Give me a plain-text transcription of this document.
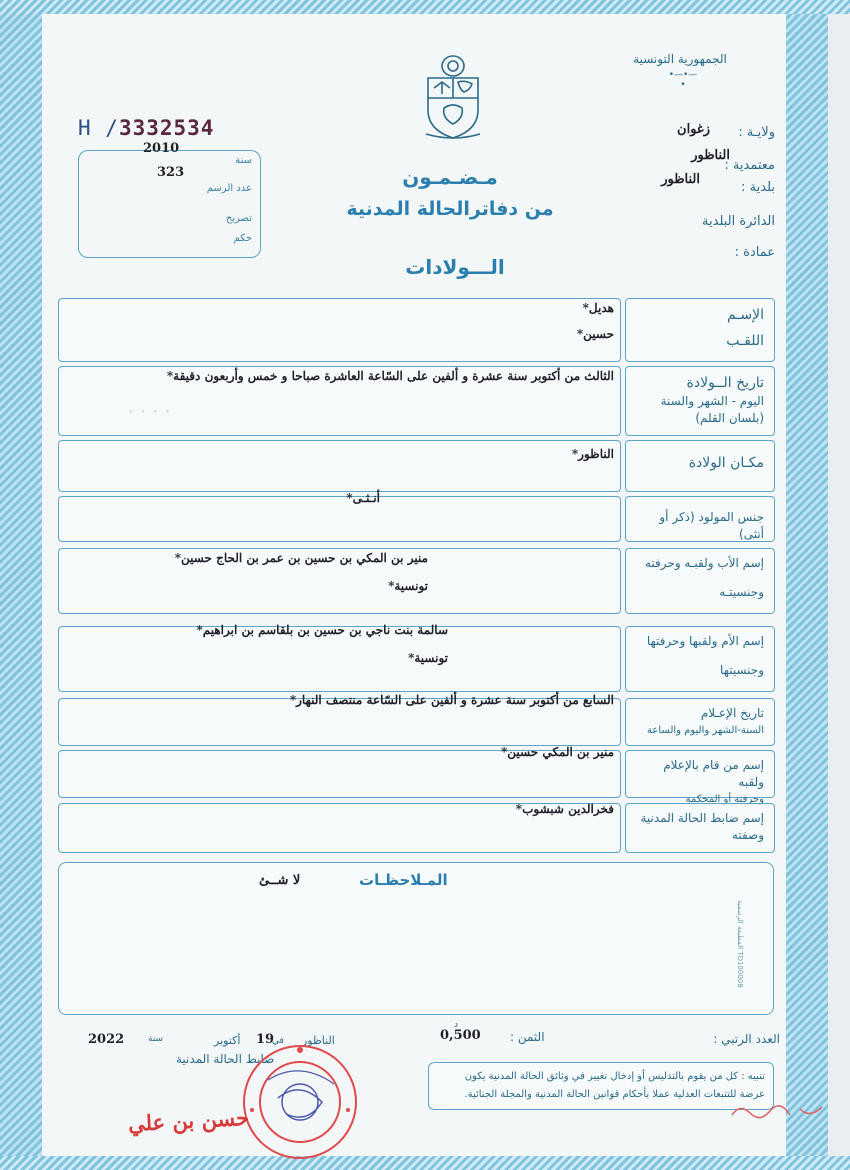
الجمهورية التونسية
•—•—•
H /3332534
2010
سنة
323
عدد الرسم
تصريح
حكم
مـضـمـون
من دفاترالحالة المدنية
الـــولادات
ولايـة :
زغوان
معتمدية :
الناظور
بلدية :
الناظور
الدائرة البلدية
عمادة :
هديل*
حسين*
الإسـم
اللقـب
الثالث من أكتوبر سنة عشرة و ألفين على السّاعة العاشرة صباحا و خمس وأربعون دقيقة*
· · · ·
تاريخ الــولادة
اليوم - الشهر والسنة
(بلسان القلم)
الناظور*
مكـان الولادة
أنـثـى*
جنس المولود (ذكر أو أنثى)
منير بن المكي بن حسين بن عمر بن الحاج حسين*
تونسية*
إسم الأب ولقبـه وحرفته
وجنسيتـه
سالمة بنت ناجي بن حسين بن بلقاسم بن ابراهيم*
تونسية*
إسم الأم ولقبها وحرفتها
وجنسيتها
السابع من أكتوبر سنة عشرة و ألفين على السّاعة منتصف النهار*
تاريخ الإعـلام
السنة-الشهر واليوم والساعة
منير بن المكي حسين*
إسم من قام بالإعلام ولقبه
وحرفته أو المحكمة
فخرالدين شبشوب*
إسم ضابط الحالة المدنية
وصفته
المـلاحظـات
لا شــئ
المطبعة الرسمية TD100008
العدد الرتبي :
الثمن :
0,500
د
الناظور
في
19
أكتوبر
سنة
2022
ضابط الحالة المدنية
تنبيه : كل من يقوم بالتدليس أو إدخال تغيير في وثائق الحالة المدنية يكون عرضة للتتبعات العدلية عملا بأحكام قوانين الحالة المدنية والمجلة الجنائية.
حسن بن علي
